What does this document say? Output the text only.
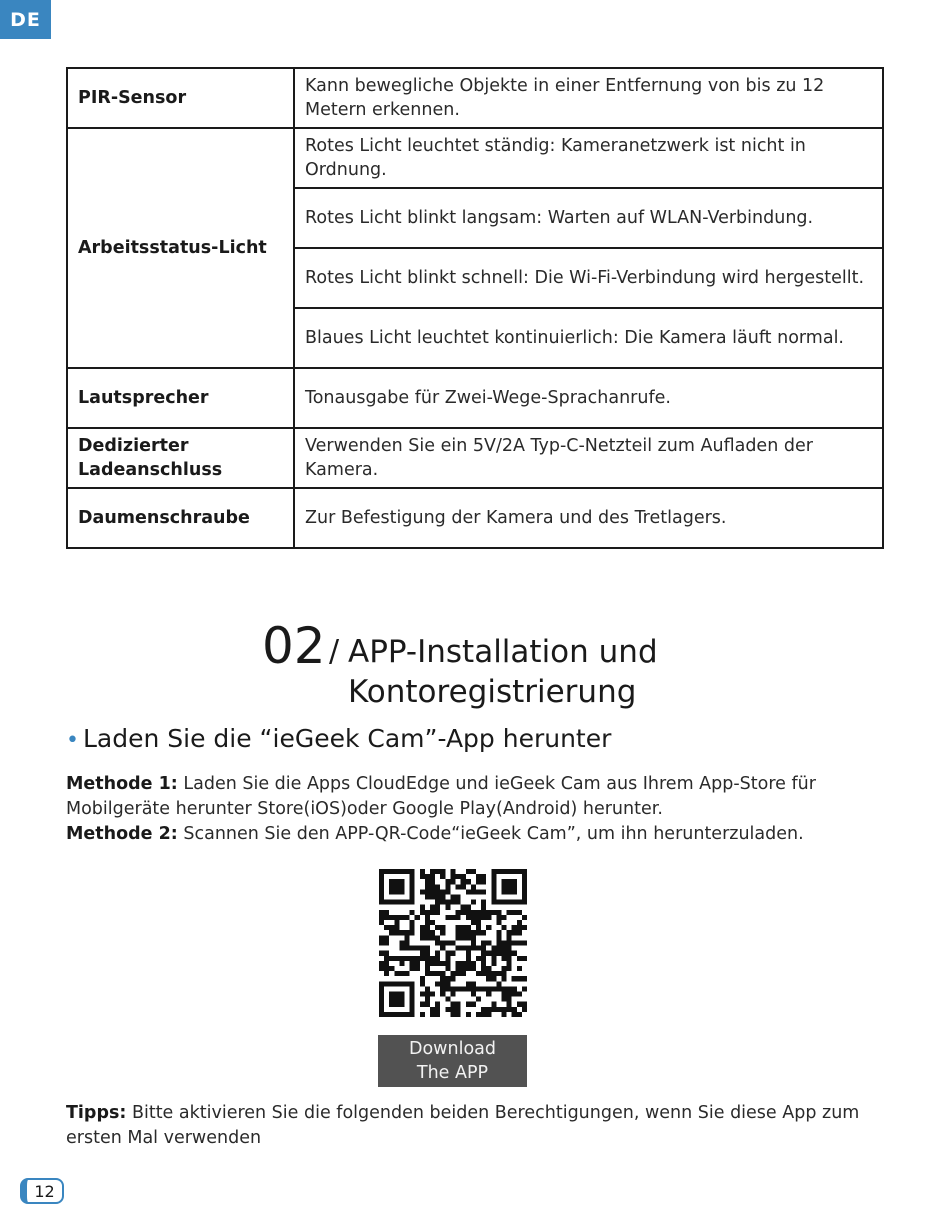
DE
PIR-Sensor	Kann bewegliche Objekte in einer Entfernung von bis zu 12 Metern erkennen.
Arbeitsstatus-Licht	Rotes Licht leuchtet ständig: Kameranetzwerk ist nicht in Ordnung.
	Rotes Licht blinkt langsam: Warten auf WLAN-Verbindung.
	Rotes Licht blinkt schnell: Die Wi-Fi-Verbindung wird hergestellt.
	Blaues Licht leuchtet kontinuierlich: Die Kamera läuft normal.
Lautsprecher	Tonausgabe für Zwei-Wege-Sprachanrufe.
Dedizierter Ladeanschluss	Verwenden Sie ein 5V/2A Typ-C-Netzteil zum Aufladen der Kamera.
Daumenschraube	Zur Befestigung der Kamera und des Tretlagers.
02 / APP-Installation und
Kontoregistrierung
• Laden Sie die “ieGeek Cam”-App herunter
Methode 1: Laden Sie die Apps CloudEdge und ieGeek Cam aus Ihrem App-Store für Mobilgeräte herunter Store(iOS)oder Google Play(Android) herunter.
Methode 2: Scannen Sie den APP-QR-Code“ieGeek Cam”, um ihn herunterzuladen.
Download
The APP
Tipps: Bitte aktivieren Sie die folgenden beiden Berechtigungen, wenn Sie diese App zum ersten Mal verwenden
12
